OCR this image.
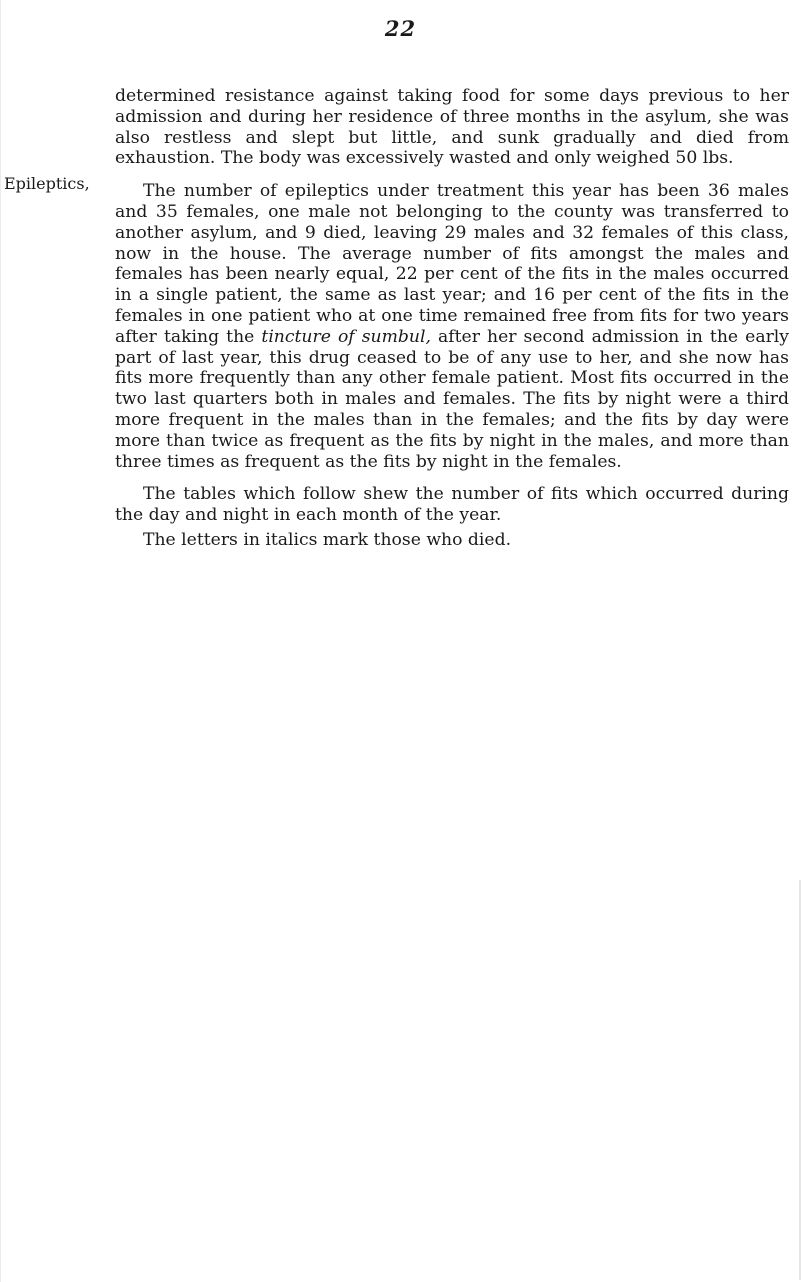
22
Epileptics,

determined resistance against taking food for some days previous to her admission and during her residence of three months in the asylum, she was also restless and slept but little, and sunk gradually and died from exhaustion. The body was excessively wasted and only weighed 50 lbs.

The number of epileptics under treatment this year has been 36 males and 35 females, one male not belonging to the county was transferred to another asylum, and 9 died, leaving 29 males and 32 females of this class, now in the house. The average number of fits amongst the males and females has been nearly equal, 22 per cent of the fits in the males occurred in a single patient, the same as last year; and 16 per cent of the fits in the females in one patient who at one time remained free from fits for two years after taking the tincture of sumbul, after her second admission in the early part of last year, this drug ceased to be of any use to her, and she now has fits more frequently than any other female patient. Most fits occurred in the two last quarters both in males and females. The fits by night were a third more frequent in the males than in the females; and the fits by day were more than twice as frequent as the fits by night in the males, and more than three times as frequent as the fits by night in the females.

The tables which follow shew the number of fits which occurred during the day and night in each month of the year.

The letters in italics mark those who died.
